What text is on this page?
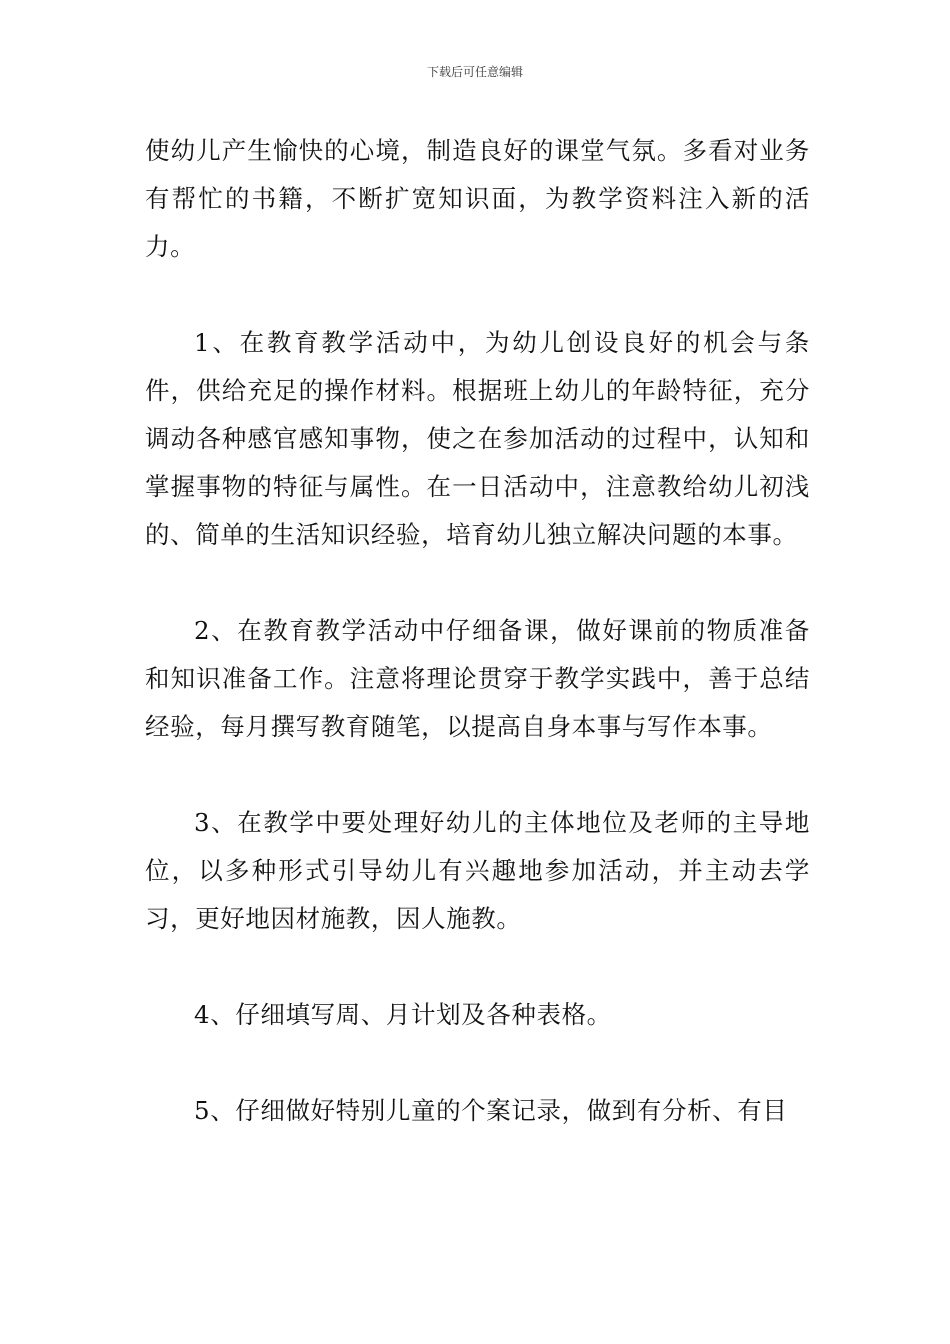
下载后可任意编辑

使幼儿产生愉快的心境，制造良好的课堂气氛。多看对业务有帮忙的书籍，不断扩宽知识面，为教学资料注入新的活力。

1、在教育教学活动中，为幼儿创设良好的机会与条件，供给充足的操作材料。根据班上幼儿的年龄特征，充分调动各种感官感知事物，使之在参加活动的过程中，认知和掌握事物的特征与属性。在一日活动中，注意教给幼儿初浅的、简单的生活知识经验，培育幼儿独立解决问题的本事。

2、在教育教学活动中仔细备课，做好课前的物质准备和知识准备工作。注意将理论贯穿于教学实践中，善于总结经验，每月撰写教育随笔，以提高自身本事与写作本事。

3、在教学中要处理好幼儿的主体地位及老师的主导地位，以多种形式引导幼儿有兴趣地参加活动，并主动去学习，更好地因材施教，因人施教。

4、仔细填写周、月计划及各种表格。

5、仔细做好特别儿童的个案记录，做到有分析、有目
